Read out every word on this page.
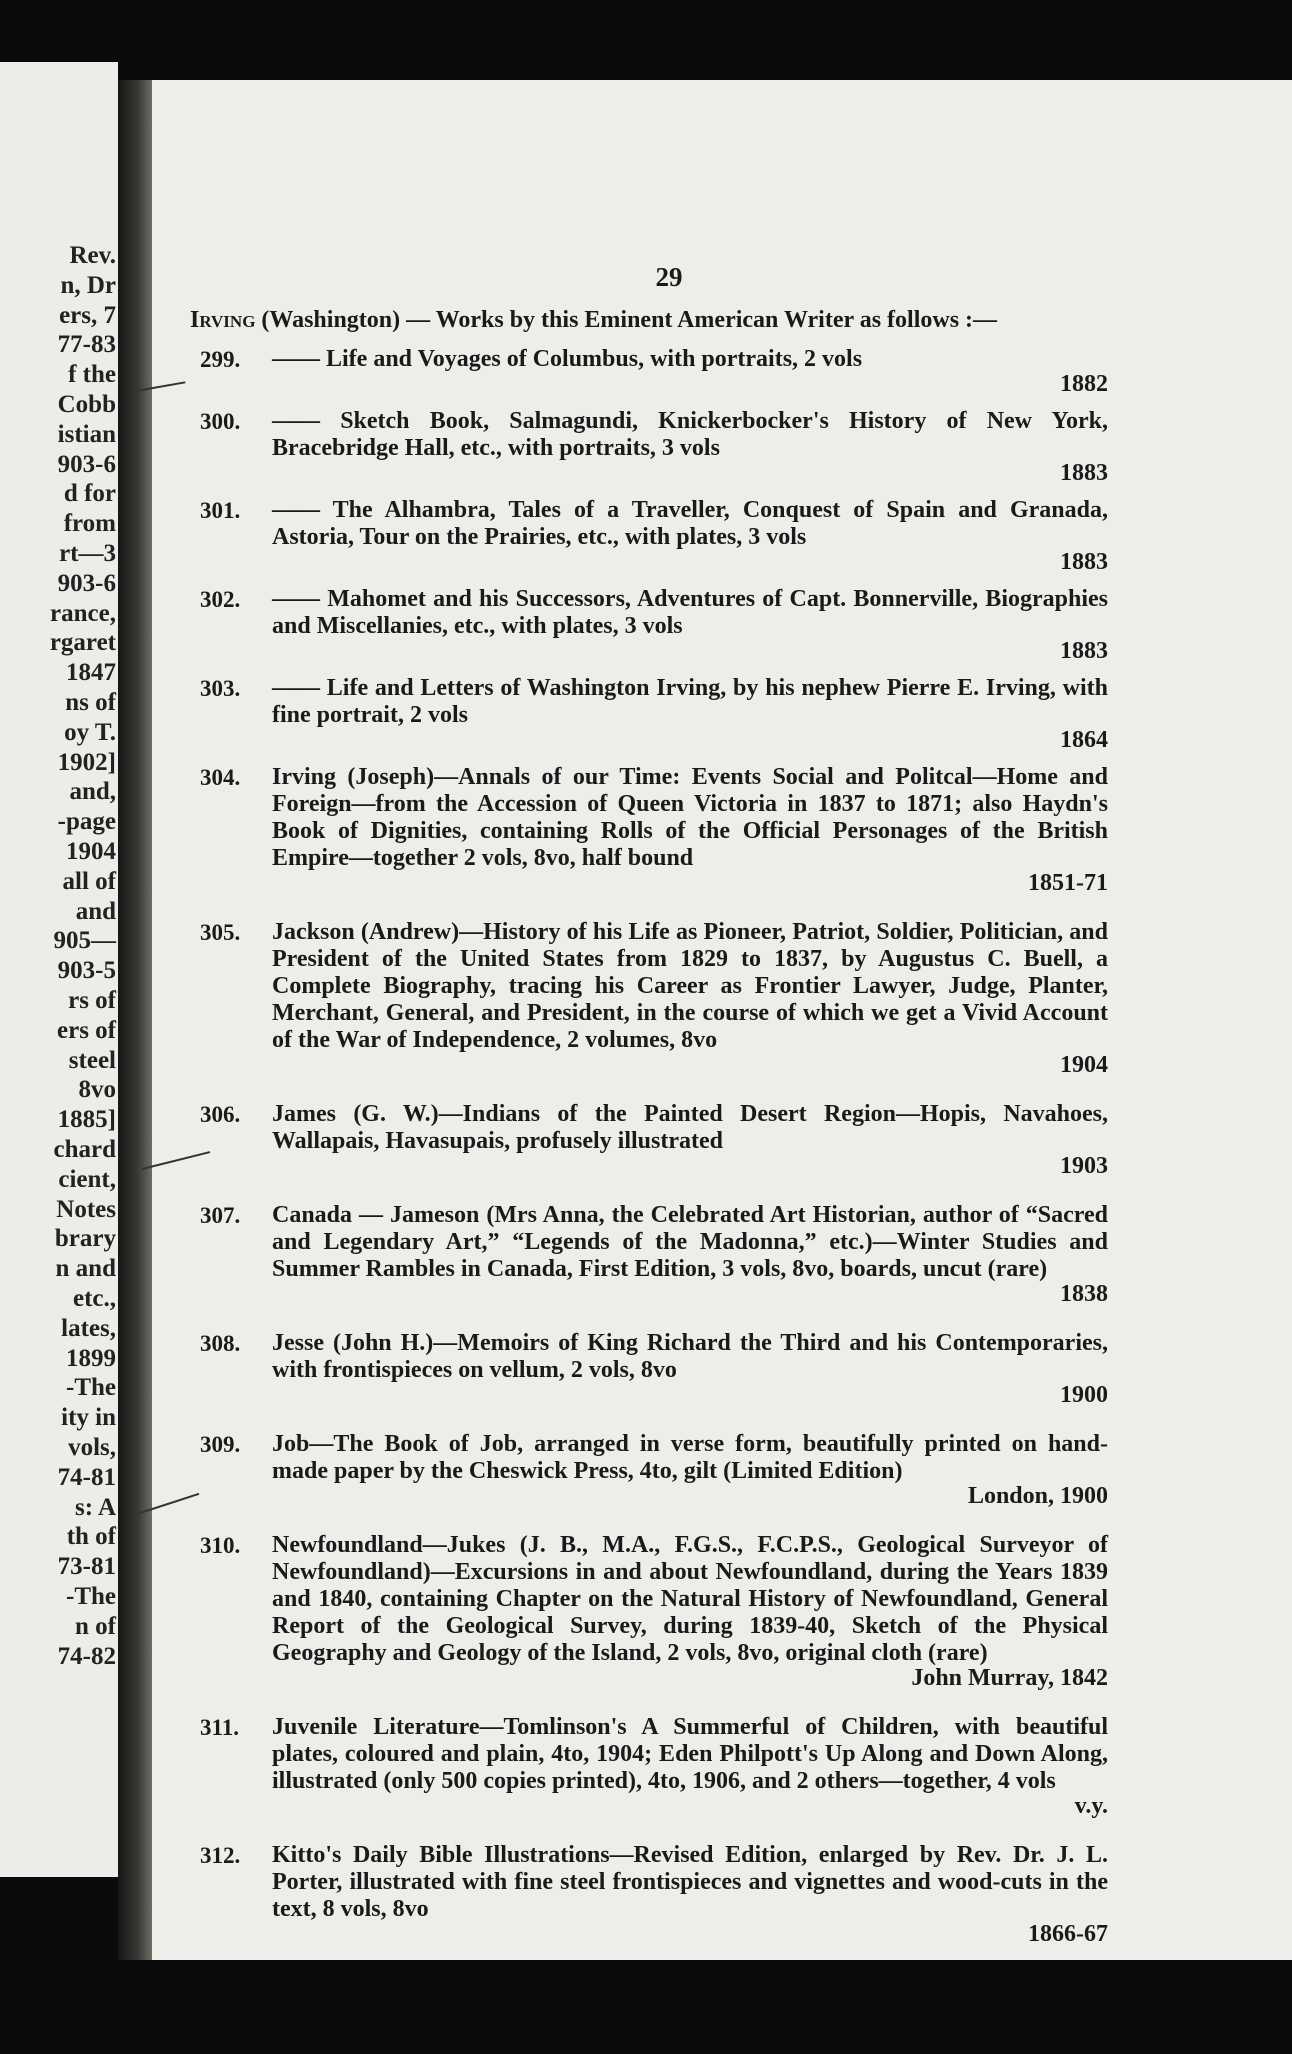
Rev.
n, Dr
ers, 7
77-83
f the
Cobb
istian
903-6
d for
from
rt—3
903-6
rance,
rgaret
1847
ns of
oy T.
1902]
and,
-page
1904
all of
and
905—
903-5
rs of
ers of
steel
8vo
1885]
chard
cient,
Notes
brary
n and
etc.,
lates,
1899
-The
ity in
vols,
74-81
s: A
th of
73-81
-The
n of
74-82
29
Irving (Washington) — Works by this Eminent American Writer as follows :—
299. —— Life and Voyages of Columbus, with portraits, 2 vols
1882
300. —— Sketch Book, Salmagundi, Knickerbocker's History of New York, Bracebridge Hall, etc., with portraits, 3 vols
1883
301. —— The Alhambra, Tales of a Traveller, Conquest of Spain and Granada, Astoria, Tour on the Prairies, etc., with plates, 3 vols
1883
302. —— Mahomet and his Successors, Adventures of Capt. Bonnerville, Biographies and Miscellanies, etc., with plates, 3 vols
1883
303. —— Life and Letters of Washington Irving, by his nephew Pierre E. Irving, with fine portrait, 2 vols
1864
304. Irving (Joseph)—Annals of our Time: Events Social and Politcal—Home and Foreign—from the Accession of Queen Victoria in 1837 to 1871; also Haydn's Book of Dignities, containing Rolls of the Official Personages of the British Empire—together 2 vols, 8vo, half bound
1851-71
305. Jackson (Andrew)—History of his Life as Pioneer, Patriot, Soldier, Politician, and President of the United States from 1829 to 1837, by Augustus C. Buell, a Complete Biography, tracing his Career as Frontier Lawyer, Judge, Planter, Merchant, General, and President, in the course of which we get a Vivid Account of the War of Independence, 2 volumes, 8vo
1904
306. James (G. W.)—Indians of the Painted Desert Region—Hopis, Navahoes, Wallapais, Havasupais, profusely illustrated
1903
307. Canada — Jameson (Mrs Anna, the Celebrated Art Historian, author of “Sacred and Legendary Art,” “Legends of the Madonna,” etc.)—Winter Studies and Summer Rambles in Canada, First Edition, 3 vols, 8vo, boards, uncut (rare)
1838
308. Jesse (John H.)—Memoirs of King Richard the Third and his Contemporaries, with frontispieces on vellum, 2 vols, 8vo
1900
309. Job—The Book of Job, arranged in verse form, beautifully printed on hand-made paper by the Cheswick Press, 4to, gilt (Limited Edition)
London, 1900
310. Newfoundland—Jukes (J. B., M.A., F.G.S., F.C.P.S., Geological Surveyor of Newfoundland)—Excursions in and about Newfoundland, during the Years 1839 and 1840, containing Chapter on the Natural History of Newfoundland, General Report of the Geological Survey, during 1839-40, Sketch of the Physical Geography and Geology of the Island, 2 vols, 8vo, original cloth (rare)
John Murray, 1842
311. Juvenile Literature—Tomlinson's A Summerful of Children, with beautiful plates, coloured and plain, 4to, 1904; Eden Philpott's Up Along and Down Along, illustrated (only 500 copies printed), 4to, 1906, and 2 others—together, 4 vols
v.y.
312. Kitto's Daily Bible Illustrations—Revised Edition, enlarged by Rev. Dr. J. L. Porter, illustrated with fine steel frontispieces and vignettes and wood-cuts in the text, 8 vols, 8vo
1866-67
